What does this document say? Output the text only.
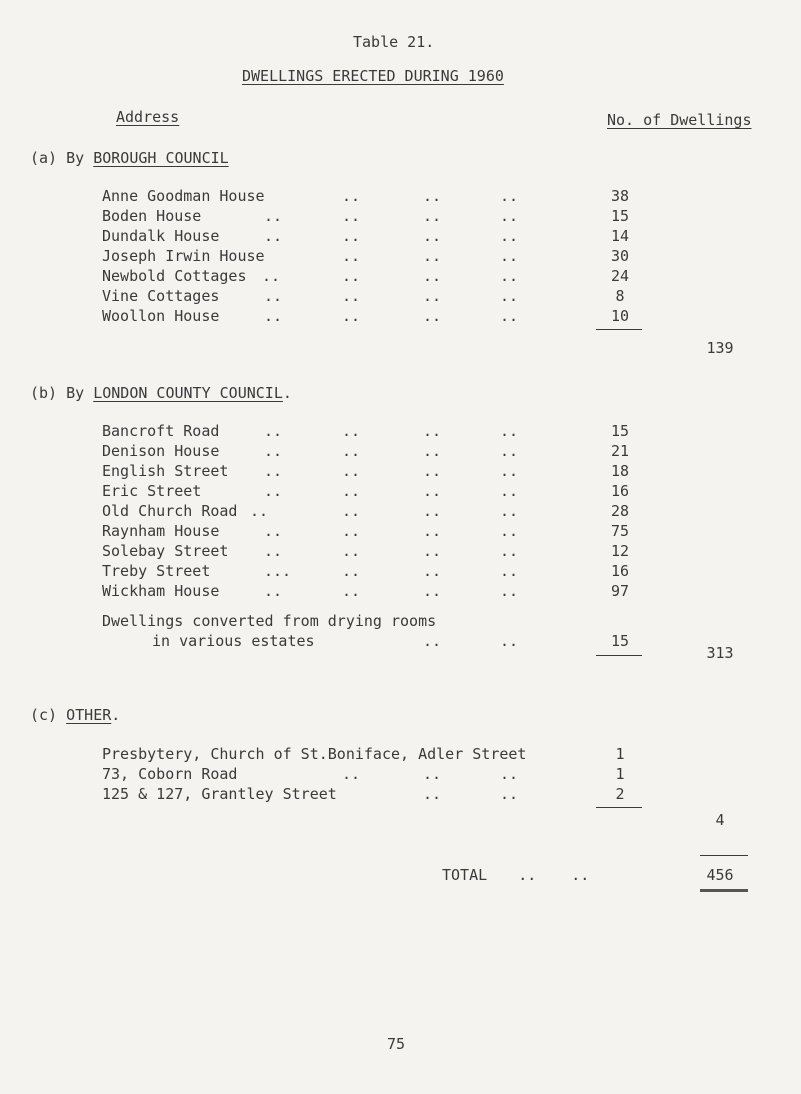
Table 21.
DWELLINGS ERECTED DURING 1960
Address	No. of Dwellings
(a) By BOROUGH COUNCIL
Anne Goodman House	..	..	..	38
Boden House	..	..	..	..	15
Dundalk House	..	..	..	..	14
Joseph Irwin House	..	..	..	30
Newbold Cottages ..	..	..	..	24
Vine Cottages	..	..	..	..	8
Woollon House	..	..	..	..	10
139
(b) By LONDON COUNTY COUNCIL.
Bancroft Road	..	..	..	..	15
Denison House	..	..	..	..	21
English Street ..	..	..	..	18
Eric Street	..	..	..	..	16
Old Church Road ..	..	..	..	28
Raynham House	..	..	..	..	75
Solebay Street ..	..	..	..	12
Treby Street	...	..	..	..	16
Wickham House	..	..	..	..	97
Dwellings converted from drying rooms
in various estates	..	..	15
313
(c) OTHER.
Presbytery, Church of St.Boniface, Adler Street	1
73, Coborn Road	..	..	..	1
125 & 127, Grantley Street	..	..	2
4
TOTAL .. ..	456
75
